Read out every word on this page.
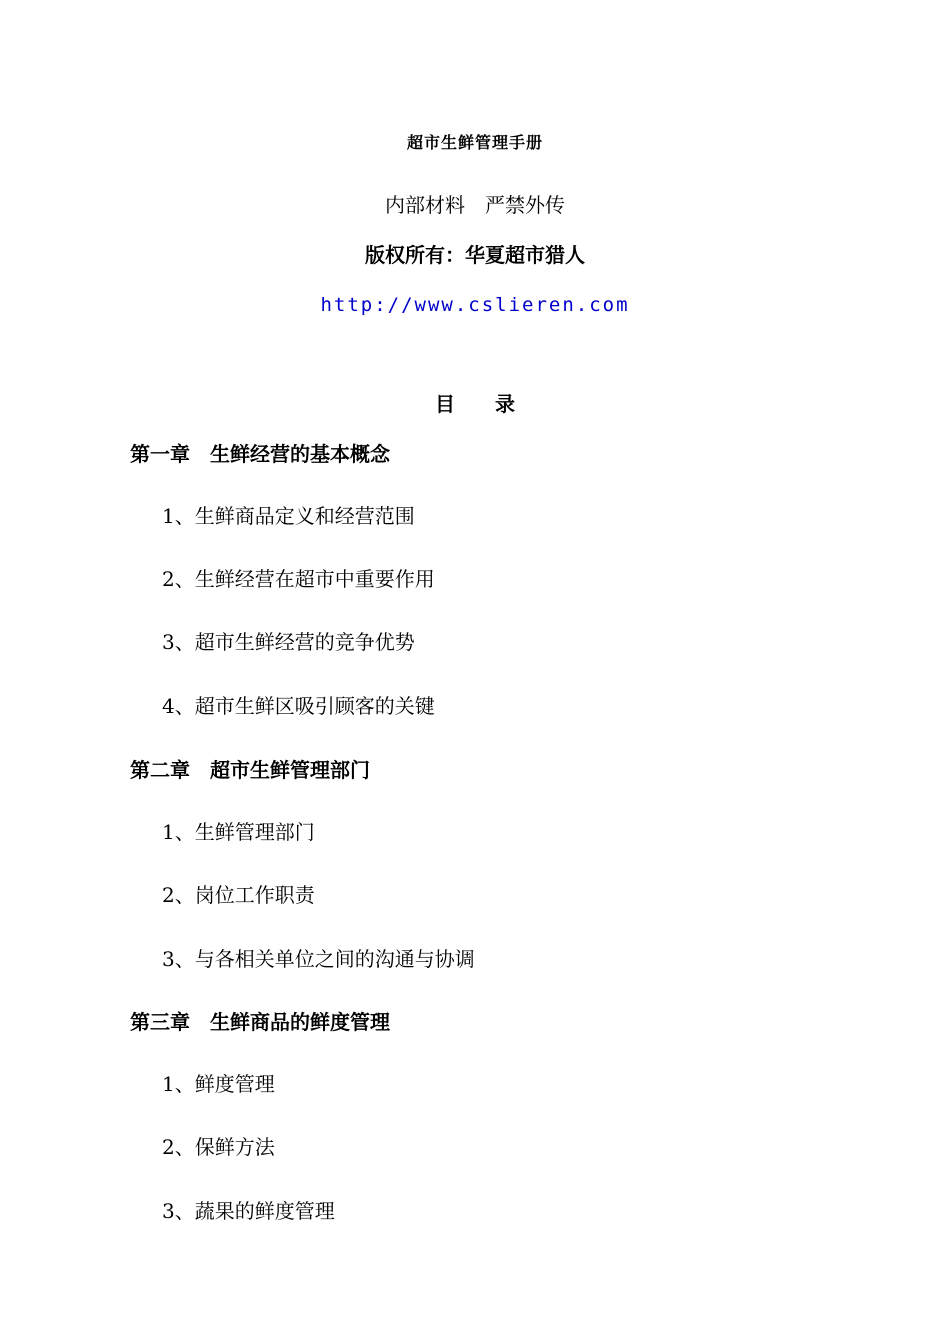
超市生鲜管理手册
内部材料　严禁外传
版权所有：华夏超市猎人
http://www.cslieren.com
目　　录
第一章　生鲜经营的基本概念
1、生鲜商品定义和经营范围
2、生鲜经营在超市中重要作用
3、超市生鲜经营的竞争优势
4、超市生鲜区吸引顾客的关键
第二章　超市生鲜管理部门
1、生鲜管理部门
2、岗位工作职责
3、与各相关单位之间的沟通与协调
第三章　生鲜商品的鲜度管理
1、鲜度管理
2、保鲜方法
3、蔬果的鲜度管理
